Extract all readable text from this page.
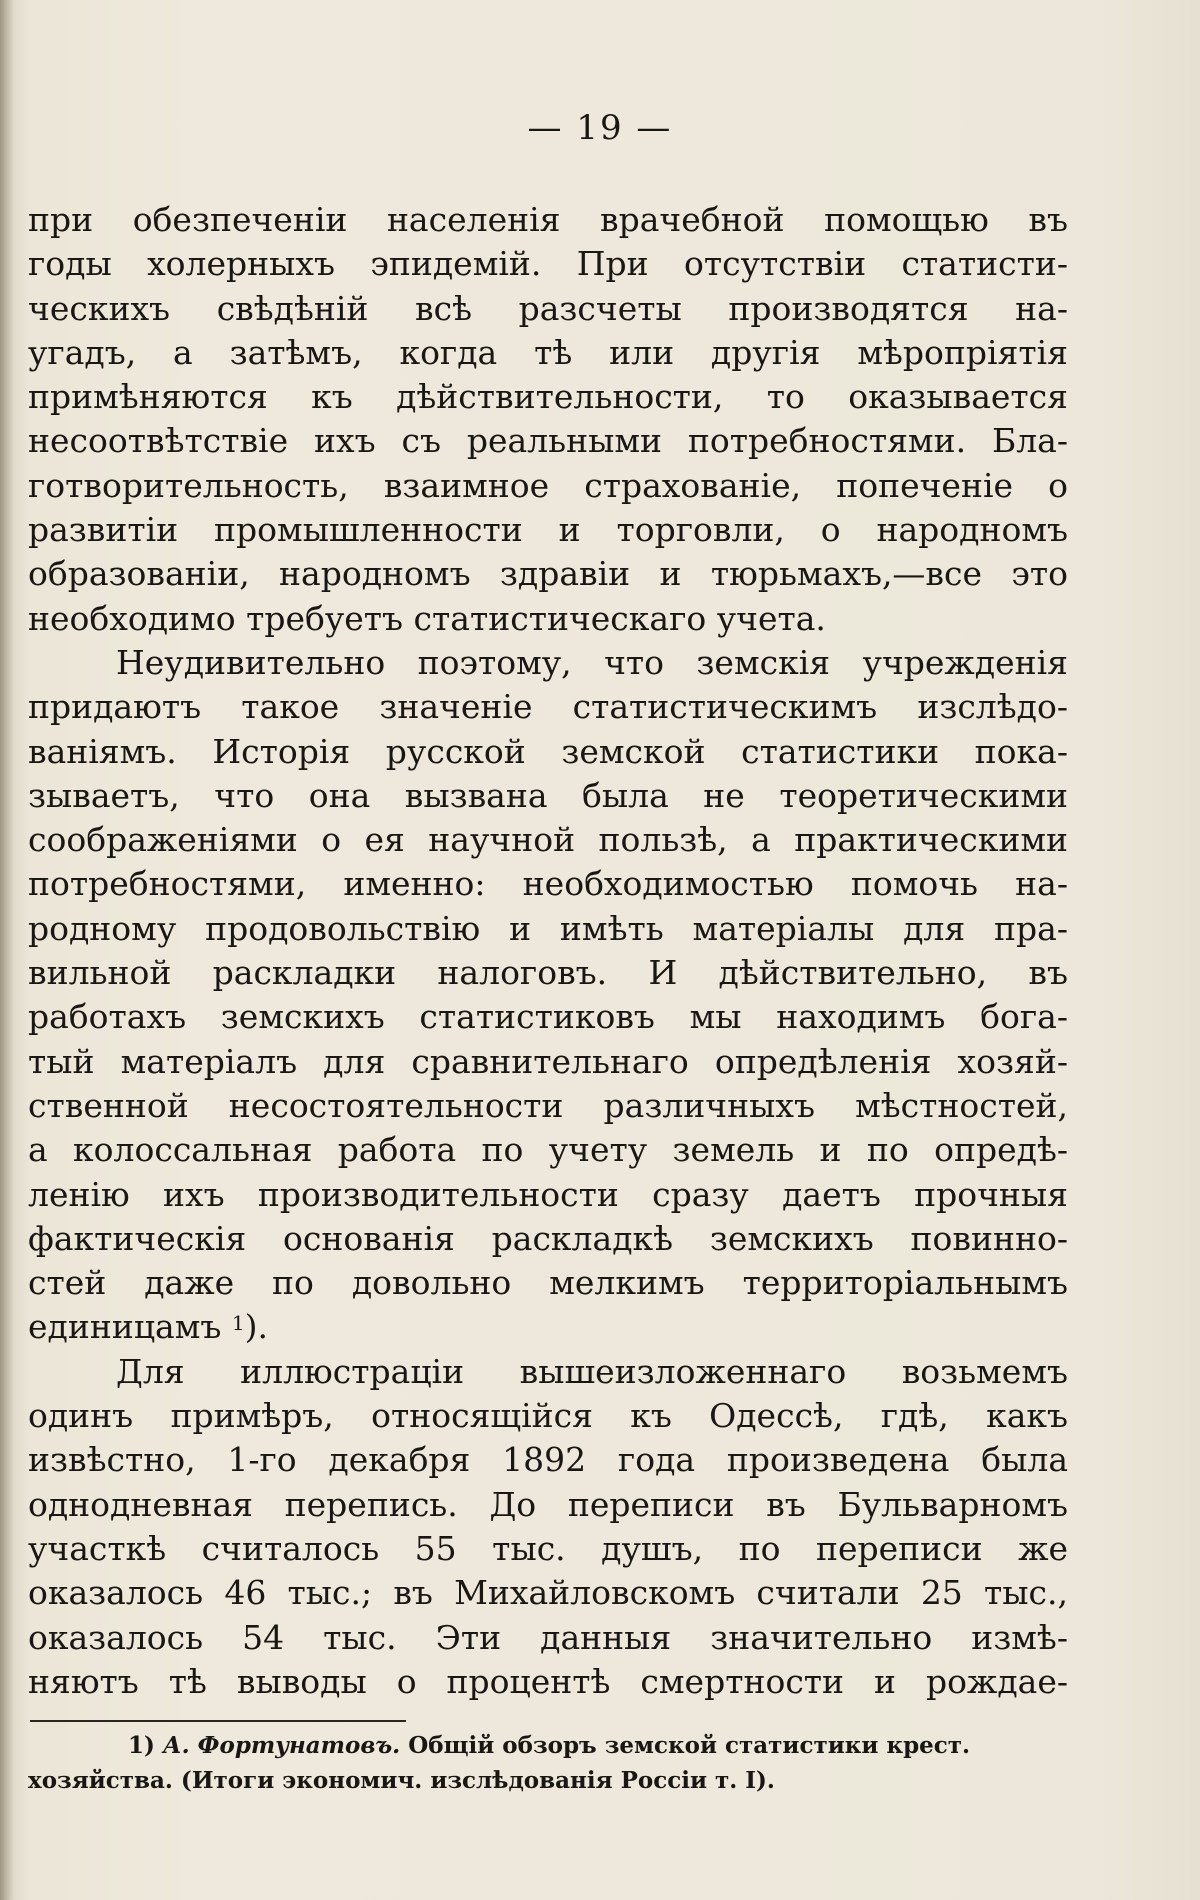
— 19 —
при обезпеченіи населенія врачебной помощью въ
годы холерныхъ эпидемій. При отсутствіи статисти-
ческихъ свѣдѣній всѣ разсчеты производятся на-
угадъ, а затѣмъ, когда тѣ или другія мѣропріятія
примѣняются къ дѣйствительности, то оказывается
несоотвѣтствіе ихъ съ реальными потребностями. Бла-
готворительность, взаимное страхованіе, попеченіе о
развитіи промышленности и торговли, о народномъ
образованіи, народномъ здравіи и тюрьмахъ,—все это
необходимо требуетъ статистическаго учета.
Неудивительно поэтому, что земскія учрежденія
придаютъ такое значеніе статистическимъ изслѣдо-
ваніямъ. Исторія русской земской статистики пока-
зываетъ, что она вызвана была не теоретическими
соображеніями о ея научной пользѣ, а практическими
потребностями, именно: необходимостью помочь на-
родному продовольствію и имѣть матеріалы для пра-
вильной раскладки налоговъ. И дѣйствительно, въ
работахъ земскихъ статистиковъ мы находимъ бога-
тый матеріалъ для сравнительнаго опредѣленія хозяй-
ственной несостоятельности различныхъ мѣстностей,
а колоссальная работа по учету земель и по опредѣ-
ленію ихъ производительности сразу даетъ прочныя
фактическія основанія раскладкѣ земскихъ повинно-
стей даже по довольно мелкимъ территоріальнымъ
единицамъ $^1$).
Для иллюстраціи вышеизложеннаго возьмемъ
одинъ примѣръ, относящійся къ Одессѣ, гдѣ, какъ
извѣстно, 1-го декабря 1892 года произведена была
однодневная перепись. До переписи въ Бульварномъ
участкѣ считалось 55 тыс. душъ, по переписи же
оказалось 46 тыс.; въ Михайловскомъ считали 25 тыс.,
оказалось 54 тыс. Эти данныя значительно измѣ-
няютъ тѣ выводы о процентѣ смертности и рождае-
1) А. Фортунатовъ. Общій обзоръ земской статистики крест.
хозяйства. (Итоги экономич. изслѣдованія Россіи т. I).
